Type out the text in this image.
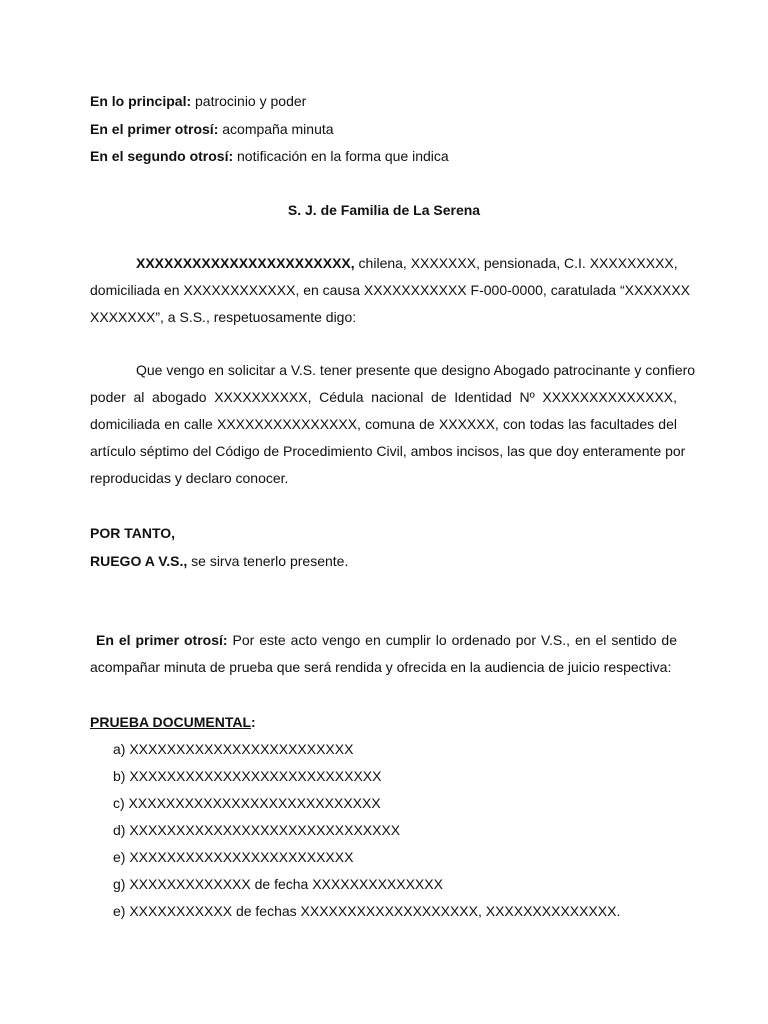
En lo principal: patrocinio y poder
En el primer otrosí: acompaña minuta
En el segundo otrosí: notificación en la forma que indica
S. J. de Familia de La Serena
XXXXXXXXXXXXXXXXXXXXXXX, chilena, XXXXXXX, pensionada, C.I. XXXXXXXXX,
domiciliada en XXXXXXXXXXXX, en causa XXXXXXXXXXX F-000-0000, caratulada “XXXXXXX
XXXXXXX”, a S.S., respetuosamente digo:
Que vengo en solicitar a V.S. tener presente que designo Abogado patrocinante y confiero
poder al abogado XXXXXXXXXX, Cédula nacional de Identidad Nº XXXXXXXXXXXXXX,
domiciliada en calle XXXXXXXXXXXXXXX, comuna de XXXXXX, con todas las facultades del
artículo séptimo del Código de Procedimiento Civil, ambos incisos, las que doy enteramente por
reproducidas y declaro conocer.
POR TANTO,
RUEGO A V.S., se sirva tenerlo presente.
En el primer otrosí: Por este acto vengo en cumplir lo ordenado por V.S., en el sentido de
acompañar minuta de prueba que será rendida y ofrecida en la audiencia de juicio respectiva:
PRUEBA DOCUMENTAL:
a) XXXXXXXXXXXXXXXXXXXXXXXX
b) XXXXXXXXXXXXXXXXXXXXXXXXXXX
c) XXXXXXXXXXXXXXXXXXXXXXXXXXX
d) XXXXXXXXXXXXXXXXXXXXXXXXXXXXX
e) XXXXXXXXXXXXXXXXXXXXXXXX
g) XXXXXXXXXXXXX de fecha XXXXXXXXXXXXXX
e) XXXXXXXXXXX de fechas XXXXXXXXXXXXXXXXXXX, XXXXXXXXXXXXXX.
